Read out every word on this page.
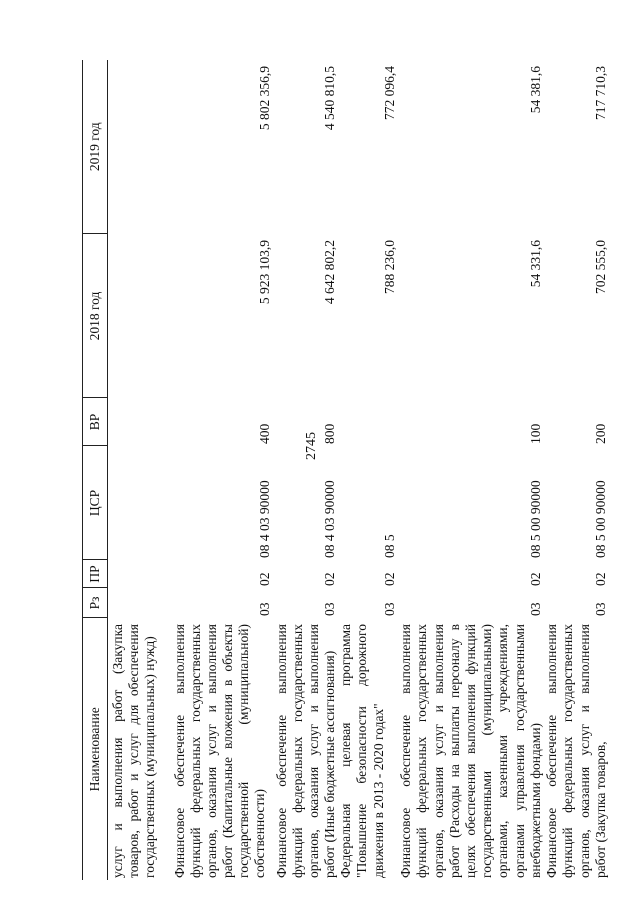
2745
Наименование	Рз	ПР	ЦСР	ВР	2018 год	2019 год
услуг и выполнения работ (Закупка товаров, работ и услуг для обеспечения государственных (муниципальных) нужд)						
Финансовое обеспечение выполнения функций федеральных государственных органов, оказания услуг и выполнения работ (Капитальные вложения в объекты государственной (муниципальной) собственности)	03	02	08 4 03 90000	400	5 923 103,9	5 802 356,9
Финансовое обеспечение выполнения функций федеральных государственных органов, оказания услуг и выполнения работ (Иные бюджетные ассигнования)	03	02	08 4 03 90000	800	4 642 802,2	4 540 810,5
Федеральная целевая программа "Повышение безопасности дорожного движения в 2013 - 2020 годах"	03	02	08 5		788 236,0	772 096,4
Финансовое обеспечение выполнения функций федеральных государственных органов, оказания услуг и выполнения работ (Расходы на выплаты персоналу в целях обеспечения выполнения функций государственными (муниципальными) органами, казенными учреждениями, органами управления государственными внебюджетными фондами)	03	02	08 5 00 90000	100	54 331,6	54 381,6
Финансовое обеспечение выполнения функций федеральных государственных органов, оказания услуг и выполнения работ (Закупка товаров,	03	02	08 5 00 90000	200	702 555,0	717 710,3
